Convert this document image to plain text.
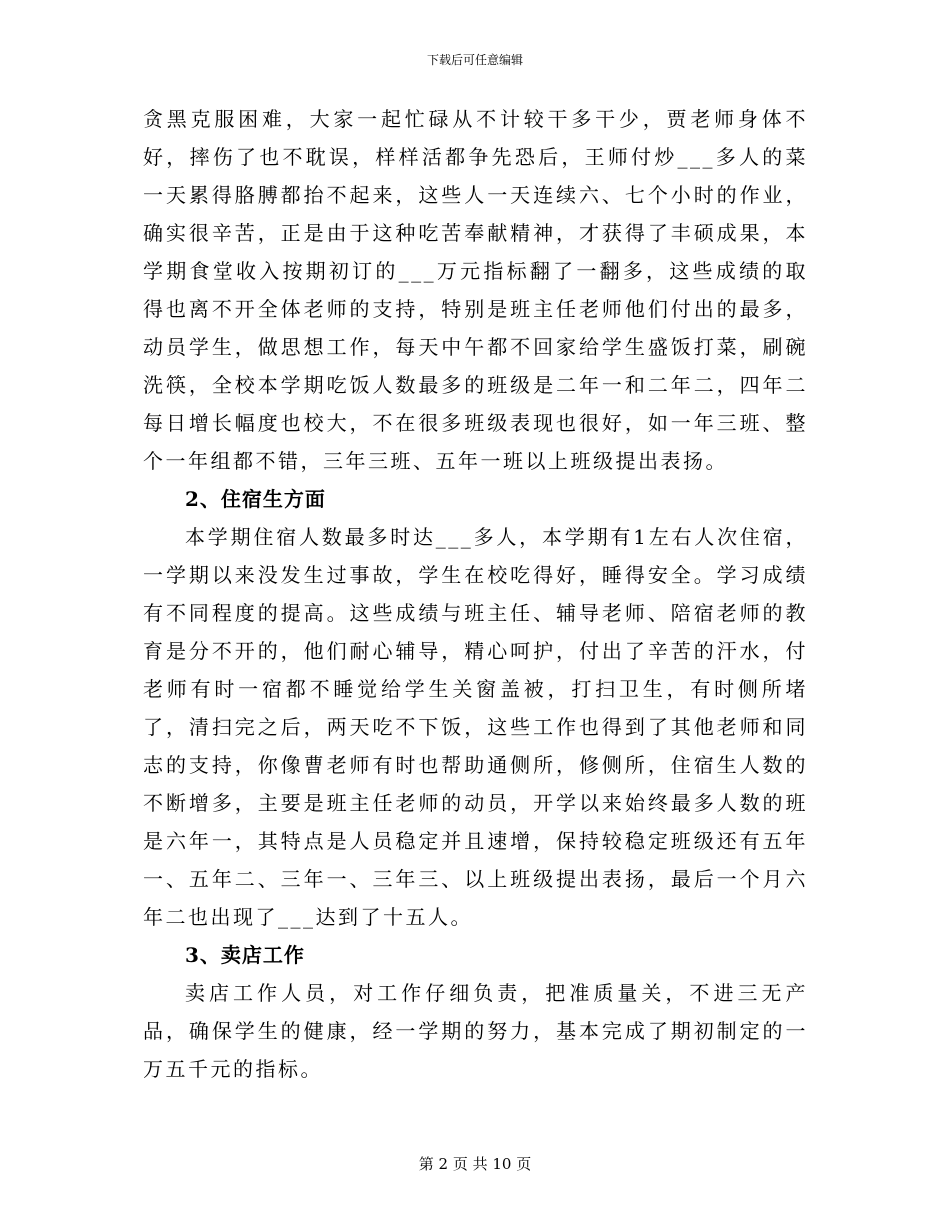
下载后可任意编辑

贪黑克服困难，大家一起忙碌从不计较干多干少，贾老师身体不好，摔伤了也不耽误，样样活都争先恐后，王师付炒___多人的菜一天累得胳膊都抬不起来，这些人一天连续六、七个小时的作业，确实很辛苦，正是由于这种吃苦奉献精神，才获得了丰硕成果，本学期食堂收入按期初订的___万元指标翻了一翻多，这些成绩的取得也离不开全体老师的支持，特别是班主任老师他们付出的最多，动员学生，做思想工作，每天中午都不回家给学生盛饭打菜，刷碗洗筷，全校本学期吃饭人数最多的班级是二年一和二年二，四年二每日增长幅度也校大，不在很多班级表现也很好，如一年三班、整个一年组都不错，三年三班、五年一班以上班级提出表扬。

2、住宿生方面

本学期住宿人数最多时达___多人，本学期有1左右人次住宿，一学期以来没发生过事故，学生在校吃得好，睡得安全。学习成绩有不同程度的提高。这些成绩与班主任、辅导老师、陪宿老师的教育是分不开的，他们耐心辅导，精心呵护，付出了辛苦的汗水，付老师有时一宿都不睡觉给学生关窗盖被，打扫卫生，有时侧所堵了，清扫完之后，两天吃不下饭，这些工作也得到了其他老师和同志的支持，你像曹老师有时也帮助通侧所，修侧所，住宿生人数的不断增多，主要是班主任老师的动员，开学以来始终最多人数的班是六年一，其特点是人员稳定并且速增，保持较稳定班级还有五年一、五年二、三年一、三年三、以上班级提出表扬，最后一个月六年二也出现了___达到了十五人。

3、卖店工作

卖店工作人员，对工作仔细负责，把准质量关，不进三无产品，确保学生的健康，经一学期的努力，基本完成了期初制定的一万五千元的指标。

第 2 页 共 10 页
